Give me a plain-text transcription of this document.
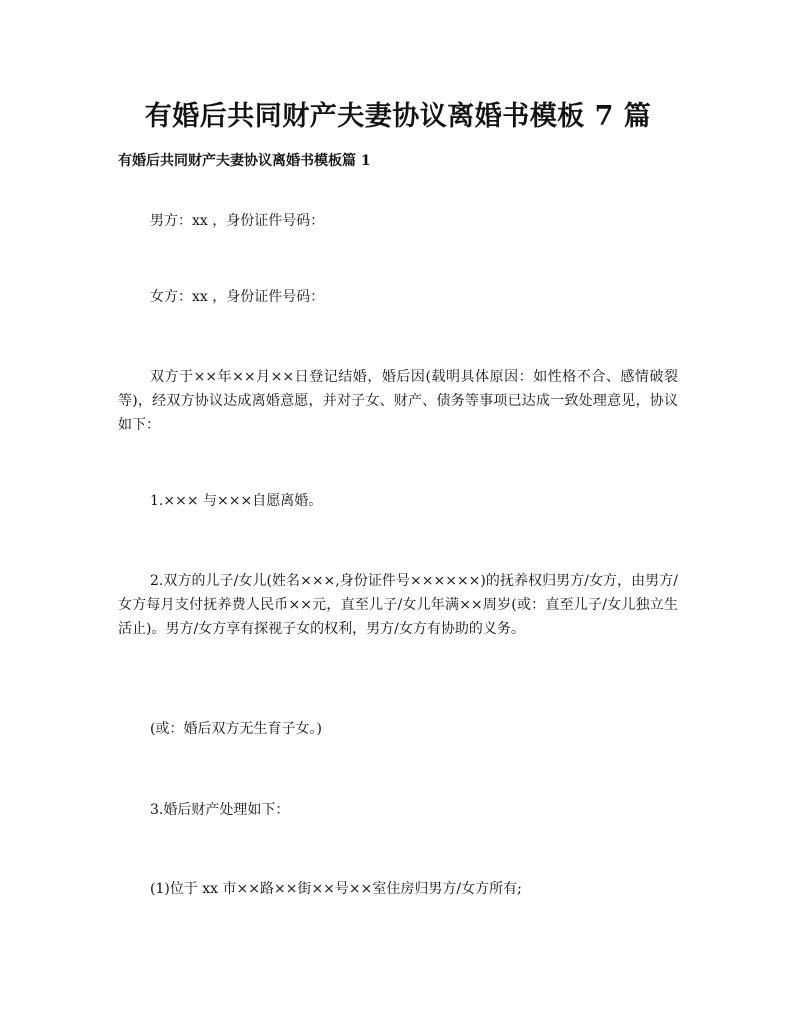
有婚后共同财产夫妻协议离婚书模板 7 篇
有婚后共同财产夫妻协议离婚书模板篇 1

男方：xx ，身份证件号码：

女方：xx ，身份证件号码：

双方于××年××月××日登记结婚，婚后因(载明具体原因：如性格不合、感情破裂等)，经双方协议达成离婚意愿，并对子女、财产、债务等事项已达成一致处理意见，协议如下：

1.××× 与×××自愿离婚。

2.双方的儿子/女儿(姓名×××,身份证件号××××××)的抚养权归男方/女方，由男方/女方每月支付抚养费人民币××元，直至儿子/女儿年满××周岁(或：直至儿子/女儿独立生活止)。男方/女方享有探视子女的权利，男方/女方有协助的义务。

(或：婚后双方无生育子女。)

3.婚后财产处理如下：

(1)位于 xx 市××路××街××号××室住房归男方/女方所有;
